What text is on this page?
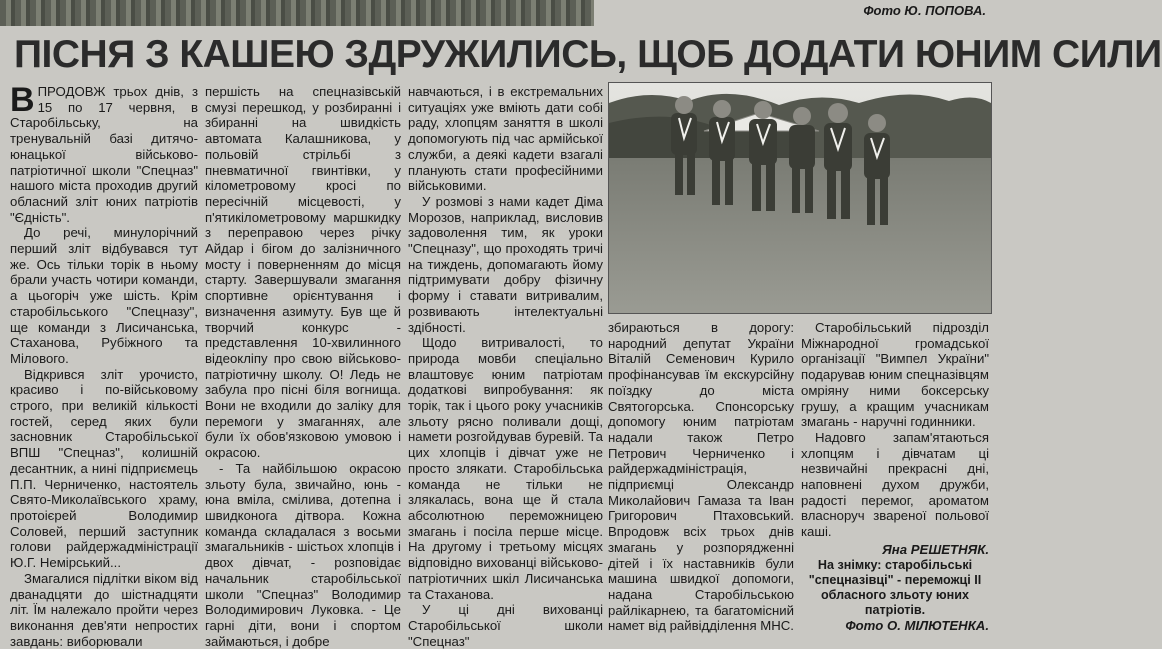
Фото Ю. ПОПОВА.

ПІСНЯ З КАШЕЮ ЗДРУЖИЛИСЬ, ЩОБ ДОДАТИ ЮНИМ СИЛИ

ВПРОДОВЖ трьох днів, з 15 по 17 червня, в Старобільську, на тренувальній базі дитячо-юнацької військово-патріотичної школи "Спецназ" нашого міста проходив другий обласний зліт юних патріотів "Єдність".

До речі, минулорічний перший зліт відбувався тут же. Ось тільки торік в ньому брали участь чотири команди, а цьогоріч уже шість. Крім старобільського "Спецназу", ще команди з Лисичанська, Стаханова, Рубіжного та Мілового.

Відкрився зліт урочисто, красиво і по-військовому строго, при великій кількості гостей, серед яких були засновник Старобільської ВПШ "Спецназ", колишній десантник, а нині підприємець П.П. Черниченко, настоятель Свято-Миколаївського храму, протоієрей Володимир Соловей, перший заступник голови райдержадміністрації Ю.Г. Немірський...

Змагалися підлітки віком від дванадцяти до шістнадцяти літ. Їм належало пройти через виконання дев'яти непростих завдань: виборювали

першість на спецназівській смузі перешкод, у розбиранні і збиранні на швидкість автомата Калашникова, у польовій стрільбі з пневматичної гвинтівки, у кілометровому кросі по пересічній місцевості, у п'ятикілометровому маршкидку з переправою через річку Айдар і бігом до залізничного мосту і поверненням до місця старту. Завершували змагання спортивне орієнтування і визначення азимуту. Був ще й творчий конкурс - представлення 10-хвилинного відеокліпу про свою військово-патріотичну школу. О! Ледь не забула про пісні біля вогнища. Вони не входили до заліку для перемоги у змаганнях, але були їх обов'язковою умовою і окрасою.

- Та найбільшою окрасою зльоту була, звичайно, юнь - юна вміла, смілива, дотепна і швидконога дітвора. Кожна команда складалася з восьми змагальників - шістьох хлопців і двох дівчат, - розповідає начальник старобільської школи "Спецназ" Володимир Володимирович Луковка. - Це гарні діти, вони і спортом займаються, і добре

навчаються, і в екстремальних ситуаціях уже вміють дати собі раду, хлопцям заняття в школі допомогують під час армійської служби, а деякі кадети взагалі планують стати професійними військовими.

У розмові з нами кадет Діма Морозов, наприклад, висловив задоволення тим, як уроки "Спецназу", що проходять тричі на тиждень, допомагають йому підтримувати добру фізичну форму і ставати витривалим, розвивають інтелектуальні здібності.

Щодо витривалості, то природа мовби спеціально влаштовує юним патріотам додаткові випробування: як торік, так і цього року учасників зльоту рясно поливали дощі, намети розгойдував буревій. Та цих хлопців і дівчат уже не просто злякати. Старобільська команда не тільки не злякалась, вона ще й стала абсолютною переможницею змагань і посіла перше місце. На другому і третьому місцях відповідно вихованці військово-патріотичних шкіл Лисичанська та Стаханова.

У ці дні вихованці Старобільської школи "Спецназ"

збираються в дорогу: народний депутат України Віталій Семенович Курило профінансував їм екскурсійну поїздку до міста Святогорська. Спонсорську допомогу юним патріотам надали також Петро Петрович Черниченко і райдержадміністрація, підприємці Олександр Миколайович Гамаза та Іван Григорович Птаховський. Впродовж всіх трьох днів змагань у розпорядженні дітей і їх наставників були машина швидкої допомоги, надана Старобільською райлікарнею, та багатомісний намет від райвідділення МНС.

Старобільський підрозділ Міжнародної громадської організації "Вимпел України" подарував юним спецназівцям омріяну ними боксерську грушу, а кращим учасникам змагань - наручні годинники.

Надовго запам'ятаються хлопцям і дівчатам ці незвичайні прекрасні дні, наповнені духом дружби, радості перемог, ароматом власноруч звареної польової каші.

Яна РЕШЕТНЯК.

На знімку: старобільські "спецназівці" - переможці II обласного зльоту юних патріотів.

Фото О. МІЛЮТЕНКА.
